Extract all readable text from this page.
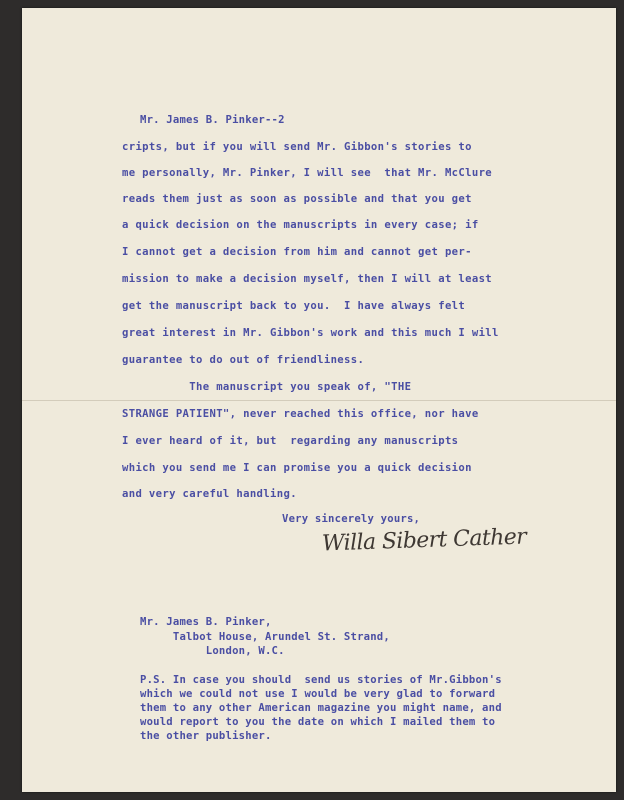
Mr. James B. Pinker--2

cripts, but if you will send Mr. Gibbon's stories to

me personally, Mr. Pinker, I will see  that Mr. McClure

reads them just as soon as possible and that you get

a quick decision on the manuscripts in every case; if

I cannot get a decision from him and cannot get per-

mission to make a decision myself, then I will at least

get the manuscript back to you.  I have always felt

great interest in Mr. Gibbon's work and this much I will

guarantee to do out of friendliness.

The manuscript you speak of, "THE

STRANGE PATIENT", never reached this office, nor have

I ever heard of it, but  regarding any manuscripts

which you send me I can promise you a quick decision

and very careful handling.

Very sincerely yours,

Willa Sibert Cather

Mr. James B. Pinker,

Talbot House, Arundel St. Strand,

London, W.C.

P.S. In case you should  send us stories of Mr.Gibbon's

which we could not use I would be very glad to forward

them to any other American magazine you might name, and

would report to you the date on which I mailed them to

the other publisher.
